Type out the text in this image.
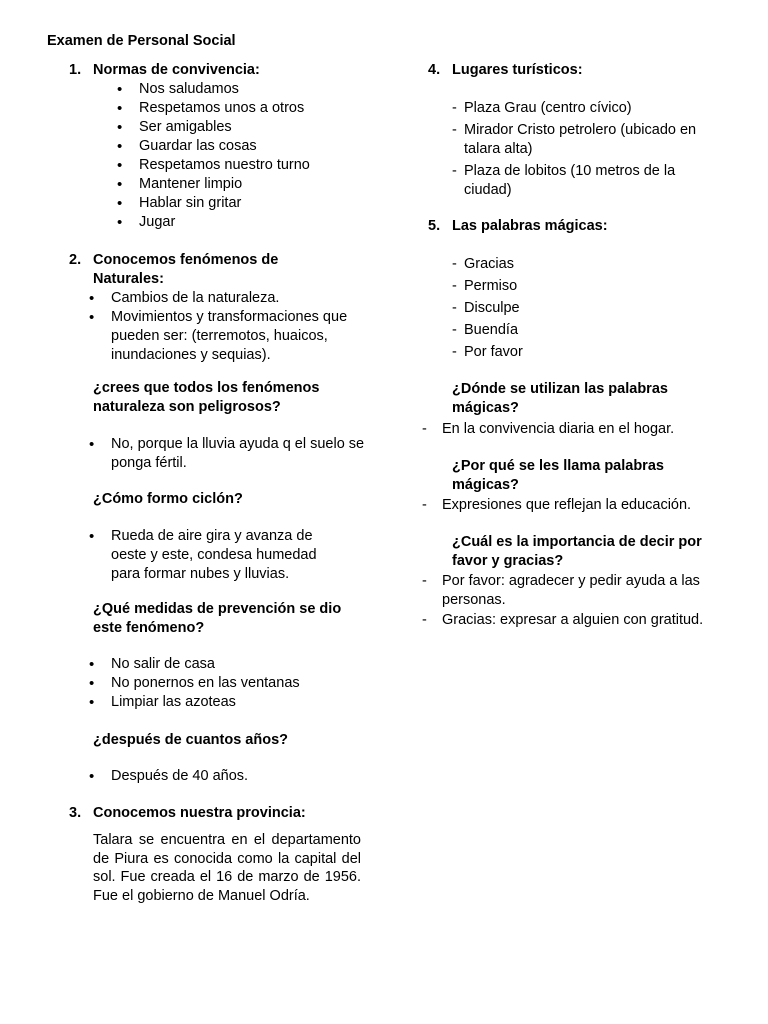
Examen de Personal Social
1. Normas de convivencia:
• Nos saludamos
• Respetamos unos a otros
• Ser amigables
• Guardar las cosas
• Respetamos nuestro turno
• Mantener limpio
• Hablar sin gritar
• Jugar
2. Conocemos fenómenos de Naturales:
• Cambios de la naturaleza.
• Movimientos y transformaciones que pueden ser: (terremotos, huaicos, inundaciones y sequias).
¿crees que todos los fenómenos naturaleza son peligrosos?
• No, porque la lluvia ayuda q el suelo se ponga fértil.
¿Cómo formo ciclón?
• Rueda de aire gira y avanza de oeste y este, condesa humedad para formar nubes y lluvias.
¿Qué medidas de prevención se dio este fenómeno?
• No salir de casa
• No ponernos en las ventanas
• Limpiar las azoteas
¿después de cuantos años?
• Después de 40 años.
3. Conocemos nuestra provincia:
Talara se encuentra en el departamento de Piura es conocida como la capital del sol. Fue creada el 16 de marzo de 1956. Fue el gobierno de Manuel Odría.
4. Lugares turísticos:
- Plaza Grau (centro cívico)
- Mirador Cristo petrolero (ubicado en talara alta)
- Plaza de lobitos (10 metros de la ciudad)
5. Las palabras mágicas:
- Gracias
- Permiso
- Disculpe
- Buendía
- Por favor
¿Dónde se utilizan las palabras mágicas?
- En la convivencia diaria en el hogar.
¿Por qué se les llama palabras mágicas?
- Expresiones que reflejan la educación.
¿Cuál es la importancia de decir por favor y gracias?
- Por favor: agradecer y pedir ayuda a las personas.
- Gracias: expresar a alguien con gratitud.
